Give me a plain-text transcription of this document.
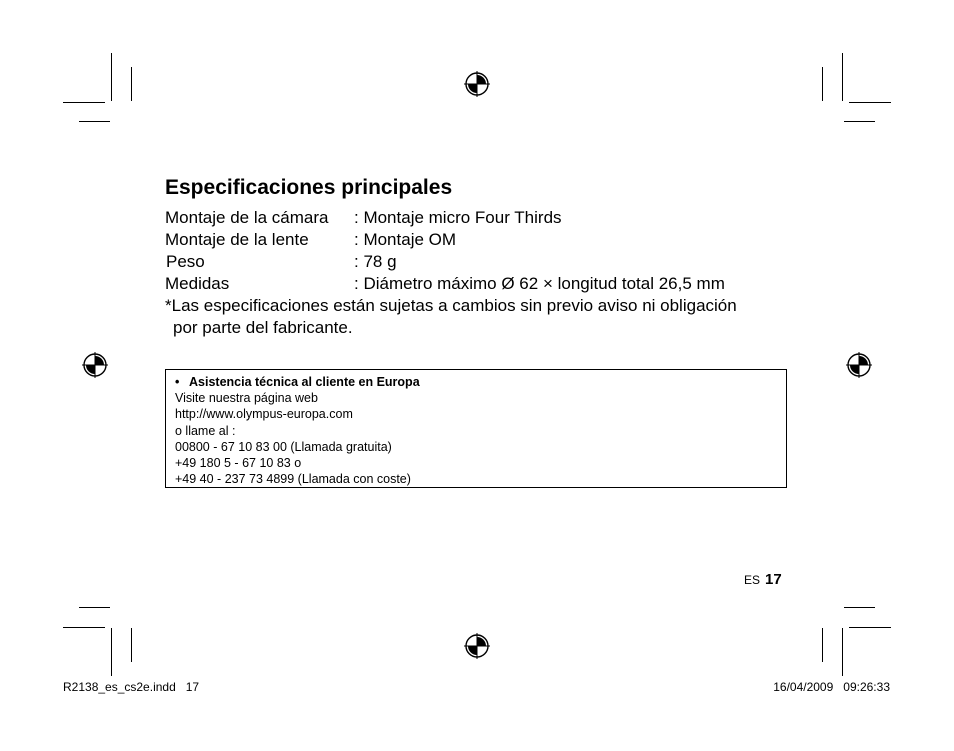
Especificaciones principales
Montaje de la cámara : Montaje micro Four Thirds
Montaje de la lente	: Montaje OM
Peso	: 78 g
Medidas	: Diámetro máximo Ø 62 × longitud total 26,5 mm
*Las especificaciones están sujetas a cambios sin previo aviso ni obligación
por parte del fabricante.
• Asistencia técnica al cliente en Europa
Visite nuestra página web
http://www.olympus-europa.com
o llame al :
00800 - 67 10 83 00 (Llamada gratuita)
+49 180 5 - 67 10 83 o
+49 40 - 237 73 4899 (Llamada con coste)
ES 17
R2138_es_cs2e.indd   17	16/04/2009   09:26:33
